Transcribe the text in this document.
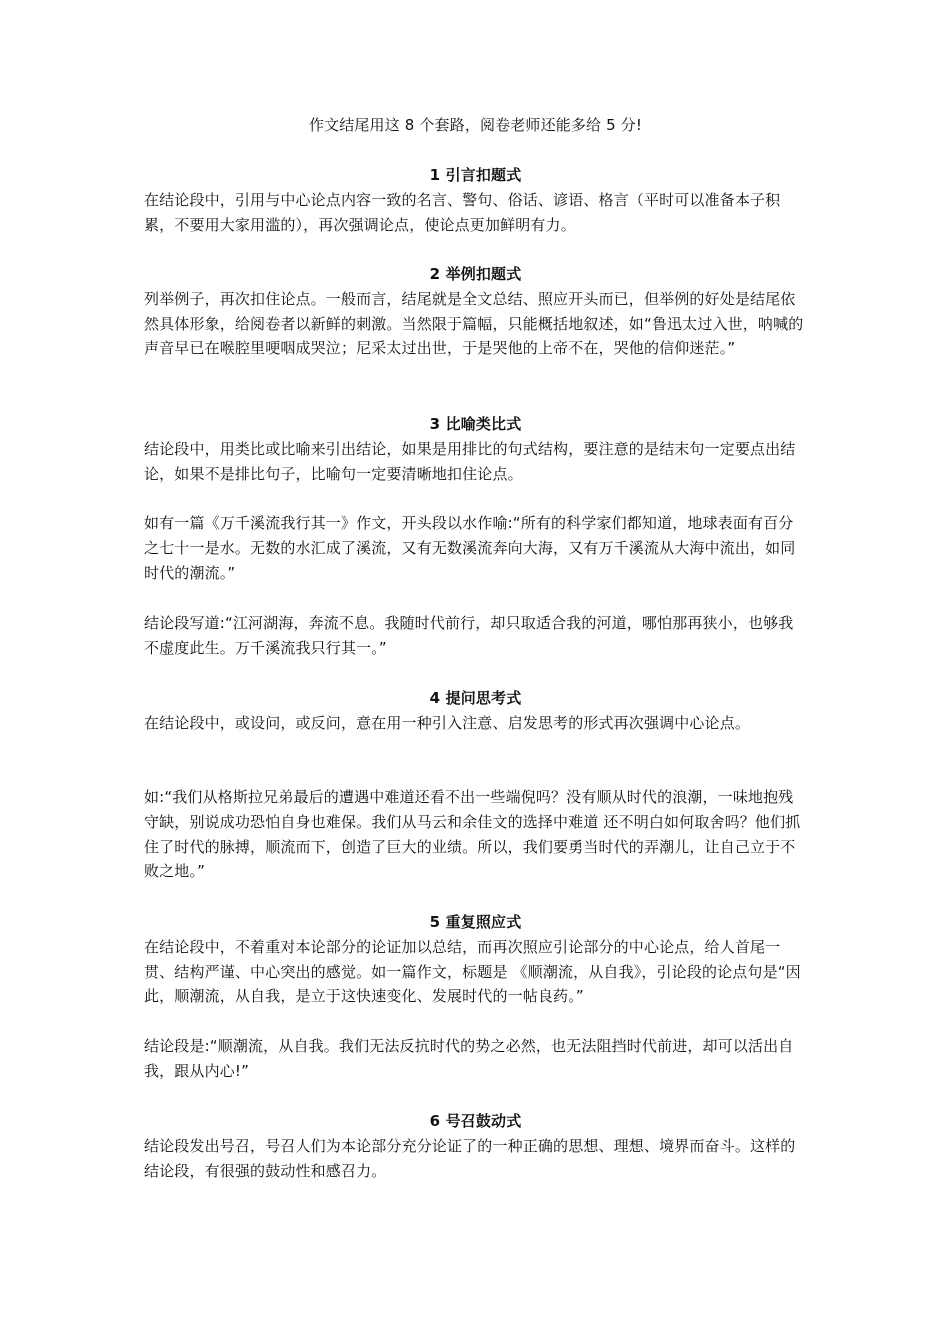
作文结尾用这 8 个套路，阅卷老师还能多给 5 分!
1 引言扣题式

在结论段中，引用与中心论点内容一致的名言、警句、俗话、谚语、格言（平时可以准备本子积累，不要用大家用滥的），再次强调论点，使论点更加鲜明有力。

2 举例扣题式

列举例子，再次扣住论点。一般而言，结尾就是全文总结、照应开头而已，但举例的好处是结尾依然具体形象，给阅卷者以新鲜的刺激。当然限于篇幅，只能概括地叙述，如“鲁迅太过入世，呐喊的声音早已在喉腔里哽咽成哭泣；尼采太过出世，于是哭他的上帝不在，哭他的信仰迷茫。”

3 比喻类比式

结论段中，用类比或比喻来引出结论，如果是用排比的句式结构，要注意的是结末句一定要点出结论，如果不是排比句子，比喻句一定要清晰地扣住论点。

如有一篇《万千溪流我行其一》作文，开头段以水作喻:“所有的科学家们都知道，地球表面有百分之七十一是水。无数的水汇成了溪流，又有无数溪流奔向大海，又有万千溪流从大海中流出，如同时代的潮流。”

结论段写道:“江河湖海，奔流不息。我随时代前行，却只取适合我的河道，哪怕那再狭小，也够我不虚度此生。万千溪流我只行其一。”

4 提问思考式

在结论段中，或设问，或反问，意在用一种引入注意、启发思考的形式再次强调中心论点。

如:“我们从格斯拉兄弟最后的遭遇中难道还看不出一些端倪吗？没有顺从时代的浪潮，一味地抱残守缺，别说成功恐怕自身也难保。我们从马云和余佳文的选择中难道 还不明白如何取舍吗？他们抓住了时代的脉搏，顺流而下，创造了巨大的业绩。所以，我们要勇当时代的弄潮儿，让自己立于不败之地。”

5 重复照应式

在结论段中，不着重对本论部分的论证加以总结，而再次照应引论部分的中心论点，给人首尾一贯、结构严谨、中心突出的感觉。如一篇作文，标题是 《顺潮流，从自我》，引论段的论点句是“因此，顺潮流，从自我，是立于这快速变化、发展时代的一帖良药。”

结论段是:“顺潮流，从自我。我们无法反抗时代的势之必然，也无法阻挡时代前进，却可以活出自我，跟从内心!”

6 号召鼓动式

结论段发出号召，号召人们为本论部分充分论证了的一种正确的思想、理想、境界而奋斗。这样的结论段，有很强的鼓动性和感召力。
